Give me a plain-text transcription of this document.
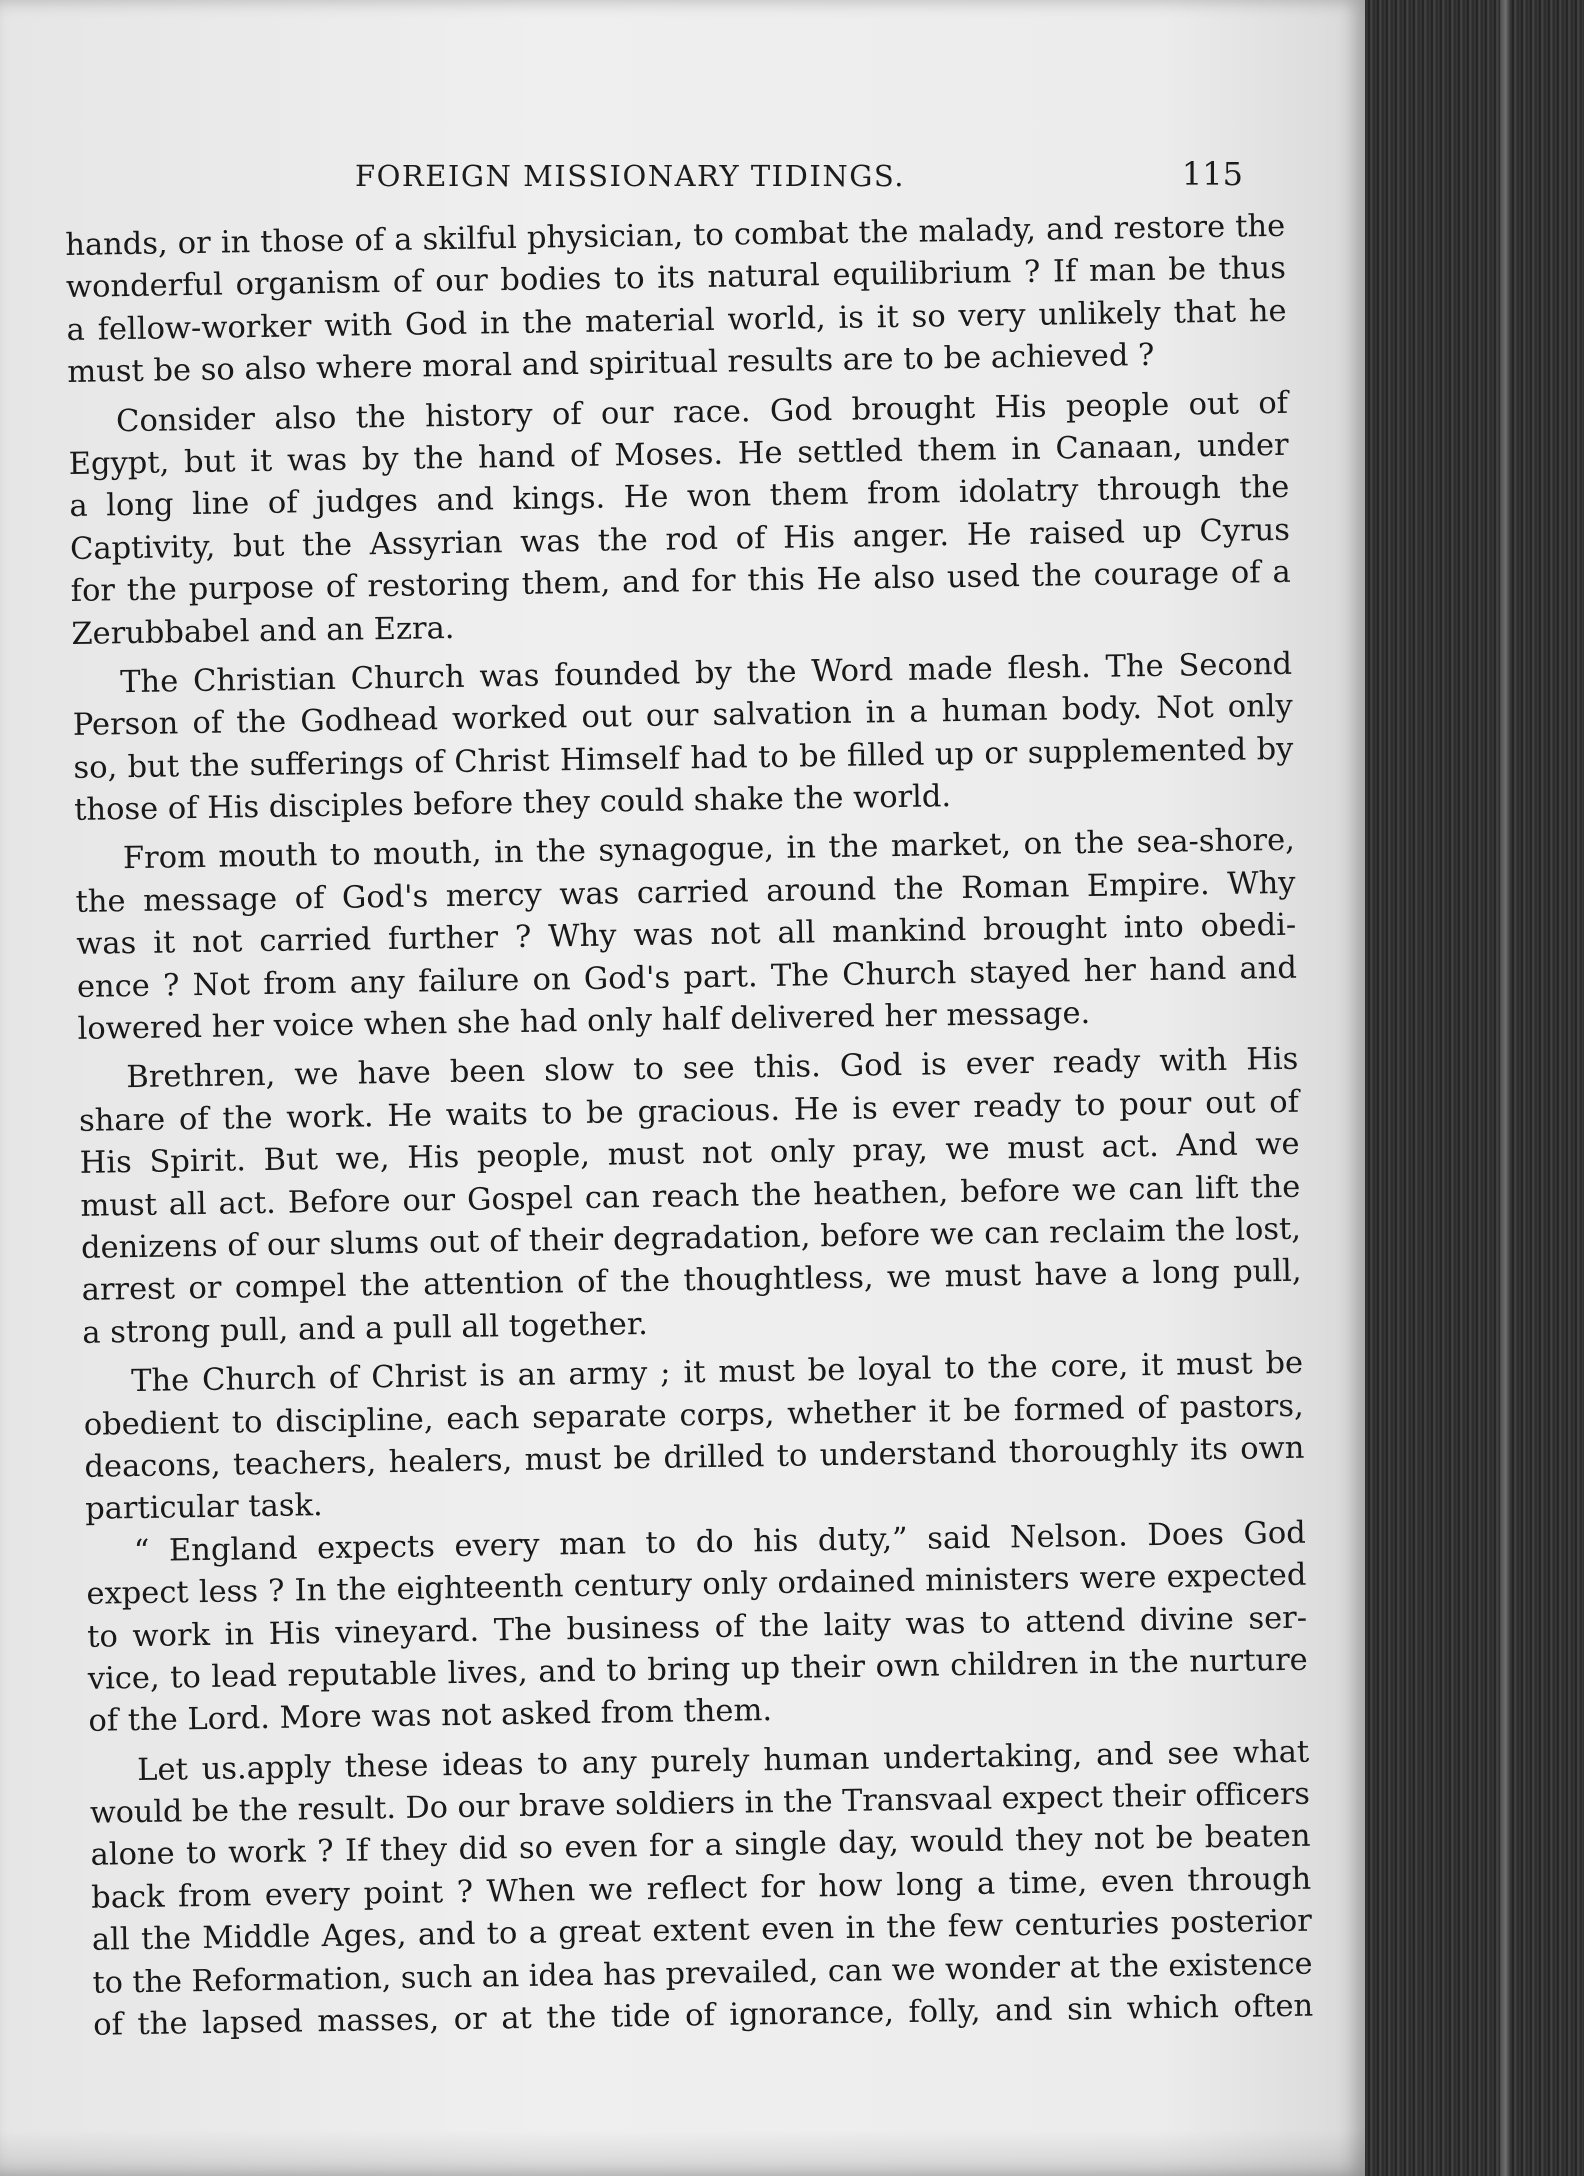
FOREIGN MISSIONARY TIDINGS.	115
hands, or in those of a skilful physician, to combat the malady, and restore the
wonderful organism of our bodies to its natural equilibrium ? If man be thus
a fellow-worker with God in the material world, is it so very unlikely that he
must be so also where moral and spiritual results are to be achieved ?
Consider also the history of our race. God brought His people out of
Egypt, but it was by the hand of Moses. He settled them in Canaan, under
a long line of judges and kings. He won them from idolatry through the
Captivity, but the Assyrian was the rod of His anger. He raised up Cyrus
for the purpose of restoring them, and for this He also used the courage of a
Zerubbabel and an Ezra.
The Christian Church was founded by the Word made flesh. The Second
Person of the Godhead worked out our salvation in a human body. Not only
so, but the sufferings of Christ Himself had to be filled up or supplemented by
those of His disciples before they could shake the world.
From mouth to mouth, in the synagogue, in the market, on the sea-shore,
the message of God's mercy was carried around the Roman Empire. Why
was it not carried further ? Why was not all mankind brought into obedi-
ence ? Not from any failure on God's part. The Church stayed her hand and
lowered her voice when she had only half delivered her message.
Brethren, we have been slow to see this. God is ever ready with His
share of the work. He waits to be gracious. He is ever ready to pour out of
His Spirit. But we, His people, must not only pray, we must act. And we
must all act. Before our Gospel can reach the heathen, before we can lift the
denizens of our slums out of their degradation, before we can reclaim the lost,
arrest or compel the attention of the thoughtless, we must have a long pull,
a strong pull, and a pull all together.
The Church of Christ is an army ; it must be loyal to the core, it must be
obedient to discipline, each separate corps, whether it be formed of pastors,
deacons, teachers, healers, must be drilled to understand thoroughly its own
particular task.
“ England expects every man to do his duty,” said Nelson. Does God
expect less ? In the eighteenth century only ordained ministers were expected
to work in His vineyard. The business of the laity was to attend divine ser-
vice, to lead reputable lives, and to bring up their own children in the nurture
of the Lord. More was not asked from them.
Let us.apply these ideas to any purely human undertaking, and see what
would be the result. Do our brave soldiers in the Transvaal expect their officers
alone to work ? If they did so even for a single day, would they not be beaten
back from every point ? When we reflect for how long a time, even through
all the Middle Ages, and to a great extent even in the few centuries posterior
to the Reformation, such an idea has prevailed, can we wonder at the existence
of the lapsed masses, or at the tide of ignorance, folly, and sin which often
